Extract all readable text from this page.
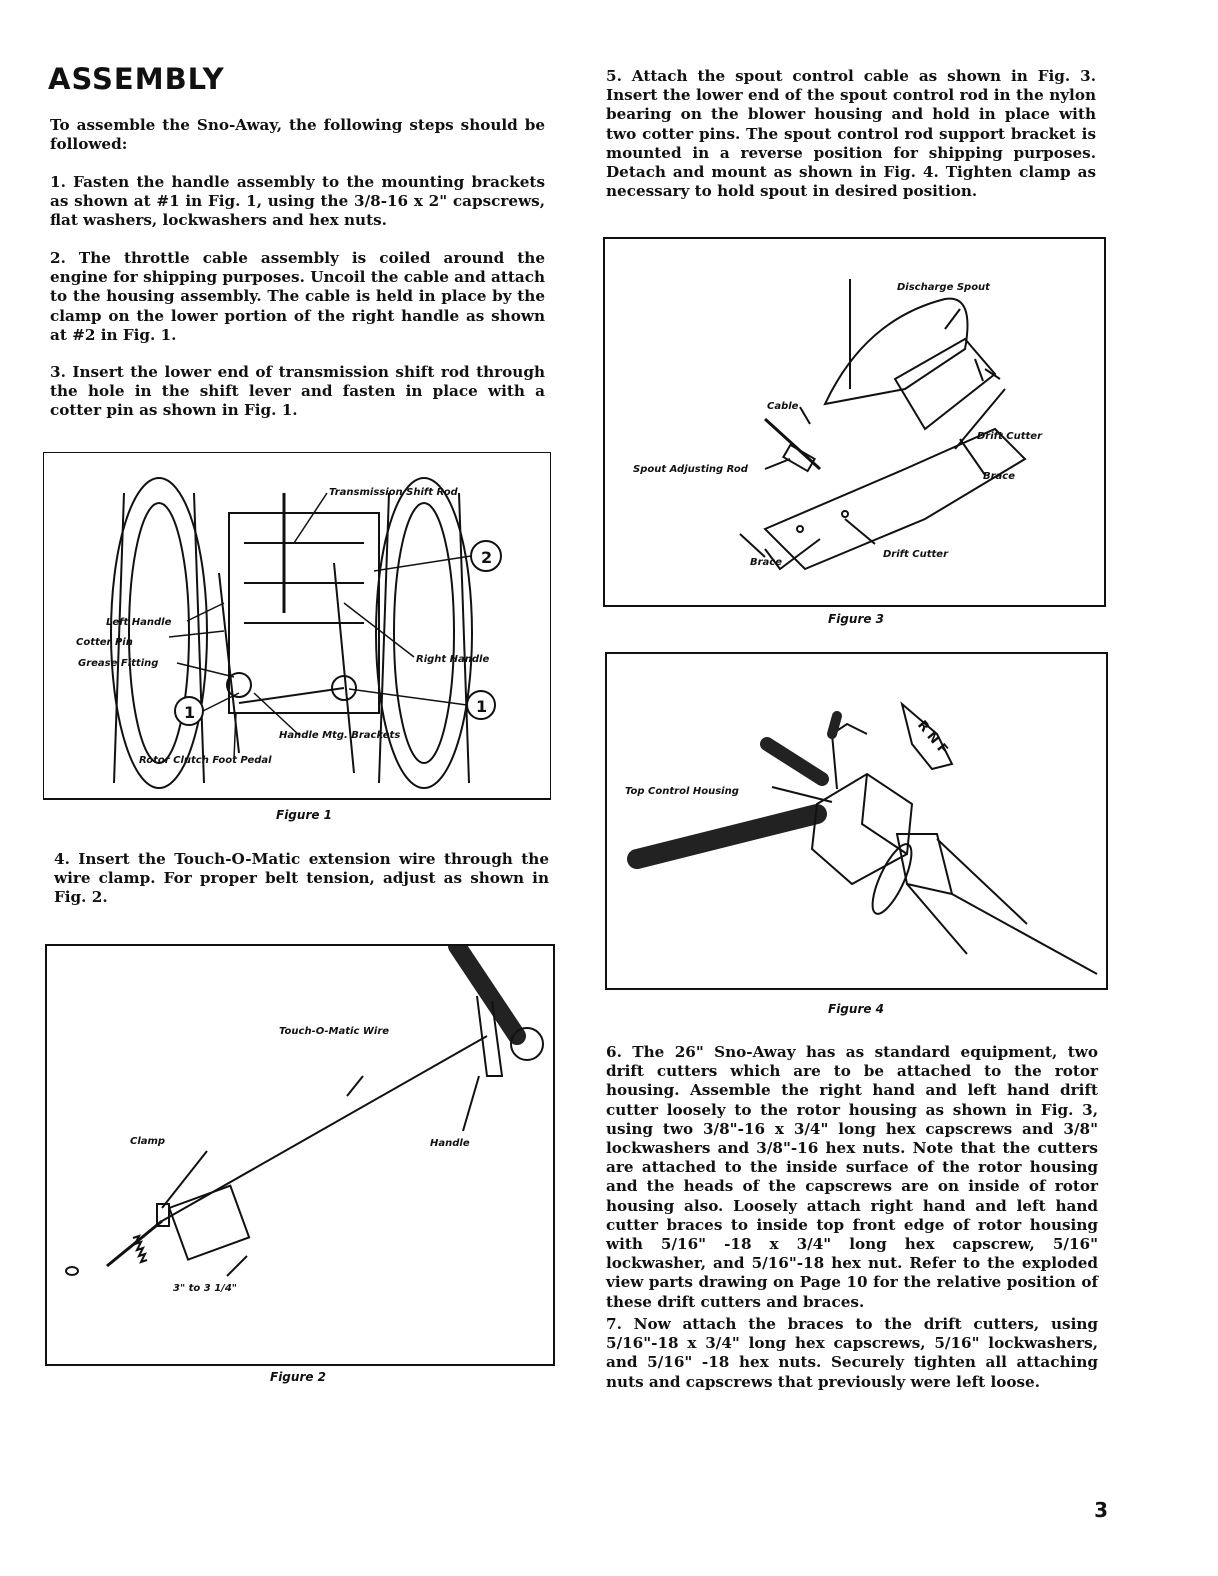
ASSEMBLY

To assemble the Sno-Away, the following steps should be followed:

1. Fasten the handle assembly to the mounting brackets as shown at #1 in Fig. 1, using the 3/8-16 x 2" capscrews, flat washers, lockwashers and hex nuts.

2. The throttle cable assembly is coiled around the engine for shipping purposes. Uncoil the cable and attach to the housing assembly. The cable is held in place by the clamp on the lower portion of the right handle as shown at #2 in Fig. 1.

3. Insert the lower end of transmission shift rod through the hole in the shift lever and fasten in place with a cotter pin as shown in Fig. 1.

2
1	1
Transmission Shift Rod
Left Handle
Cotter Pin
Grease Fitting	Right Handle
Handle Mtg. Brackets
Rotor Clutch Foot Pedal

Figure 1

4. Insert the Touch-O-Matic extension wire through the wire clamp. For proper belt tension, adjust as shown in Fig. 2.

Touch-O-Matic Wire
Clamp	Handle
3" to 3 1/4"

Figure 2

5. Attach the spout control cable as shown in Fig. 3. Insert the lower end of the spout control rod in the nylon bearing on the blower housing and hold in place with two cotter pins. The spout control rod support bracket is mounted in a reverse position for shipping purposes. Detach and mount as shown in Fig. 4. Tighten clamp as necessary to hold spout in desired position.

Discharge Spout
Cable
Drift Cutter
Brace
Spout Adjusting Rod
Brace
Drift Cutter

Figure 3

R N F
Top Control Housing

Figure 4

6. The 26" Sno-Away has as standard equipment, two drift cutters which are to be attached to the rotor housing. Assemble the right hand and left hand drift cutter loosely to the rotor housing as shown in Fig. 3, using two 3/8"-16 x 3/4" long hex capscrews and 3/8" lockwashers and 3/8"-16 hex nuts. Note that the cutters are attached to the inside surface of the rotor housing and the heads of the capscrews are on inside of rotor housing also. Loosely attach right hand and left hand cutter braces to inside top front edge of rotor housing with 5/16" -18 x 3/4" long hex capscrew, 5/16" lockwasher, and 5/16"-18 hex nut. Refer to the exploded view parts drawing on Page 10 for the relative position of these drift cutters and braces.

7. Now attach the braces to the drift cutters, using 5/16"-18 x 3/4" long hex capscrews, 5/16" lockwashers, and 5/16" -18 hex nuts. Securely tighten all attaching nuts and capscrews that previously were left loose.

3
